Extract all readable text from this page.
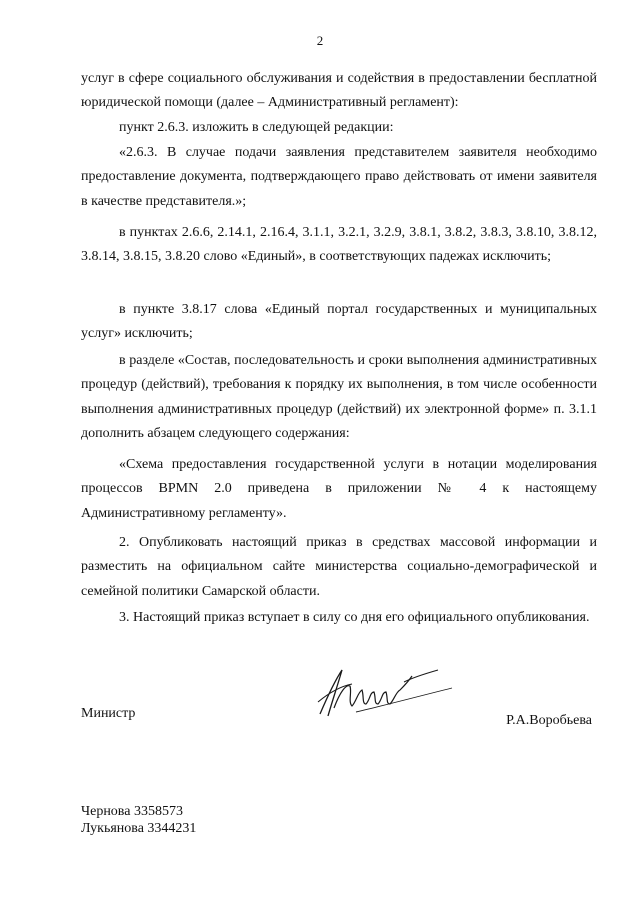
2

услуг в сфере социального обслуживания и содействия в предоставлении бесплатной юридической помощи (далее – Административный регламент):

пункт 2.6.3. изложить в следующей редакции:

«2.6.3. В случае подачи заявления представителем заявителя необходимо предоставление документа, подтверждающего право действовать от имени заявителя в качестве представителя.»;

в пунктах 2.6.6, 2.14.1, 2.16.4, 3.1.1, 3.2.1, 3.2.9, 3.8.1, 3.8.2, 3.8.3, 3.8.10, 3.8.12, 3.8.14, 3.8.15, 3.8.20 слово «Единый», в соответствующих падежах исключить;

в пункте 3.8.17 слова «Единый портал государственных и муниципальных услуг» исключить;

в разделе «Состав, последовательность и сроки выполнения административных процедур (действий), требования к порядку их выполнения, в том числе особенности выполнения административных процедур (действий) их электронной форме» п. 3.1.1 дополнить абзацем следующего содержания:

«Схема предоставления государственной услуги в нотации моделирования процессов BPMN 2.0 приведена в приложении № 4 к настоящему Административному регламенту».

2. Опубликовать настоящий приказ в средствах массовой информации и разместить на официальном сайте министерства социально-демографической и семейной политики Самарской области.

3. Настоящий приказ вступает в силу со дня его официального опубликования.

Министр	Р.А.Воробьева
Чернова 3358573
Лукьянова 3344231
